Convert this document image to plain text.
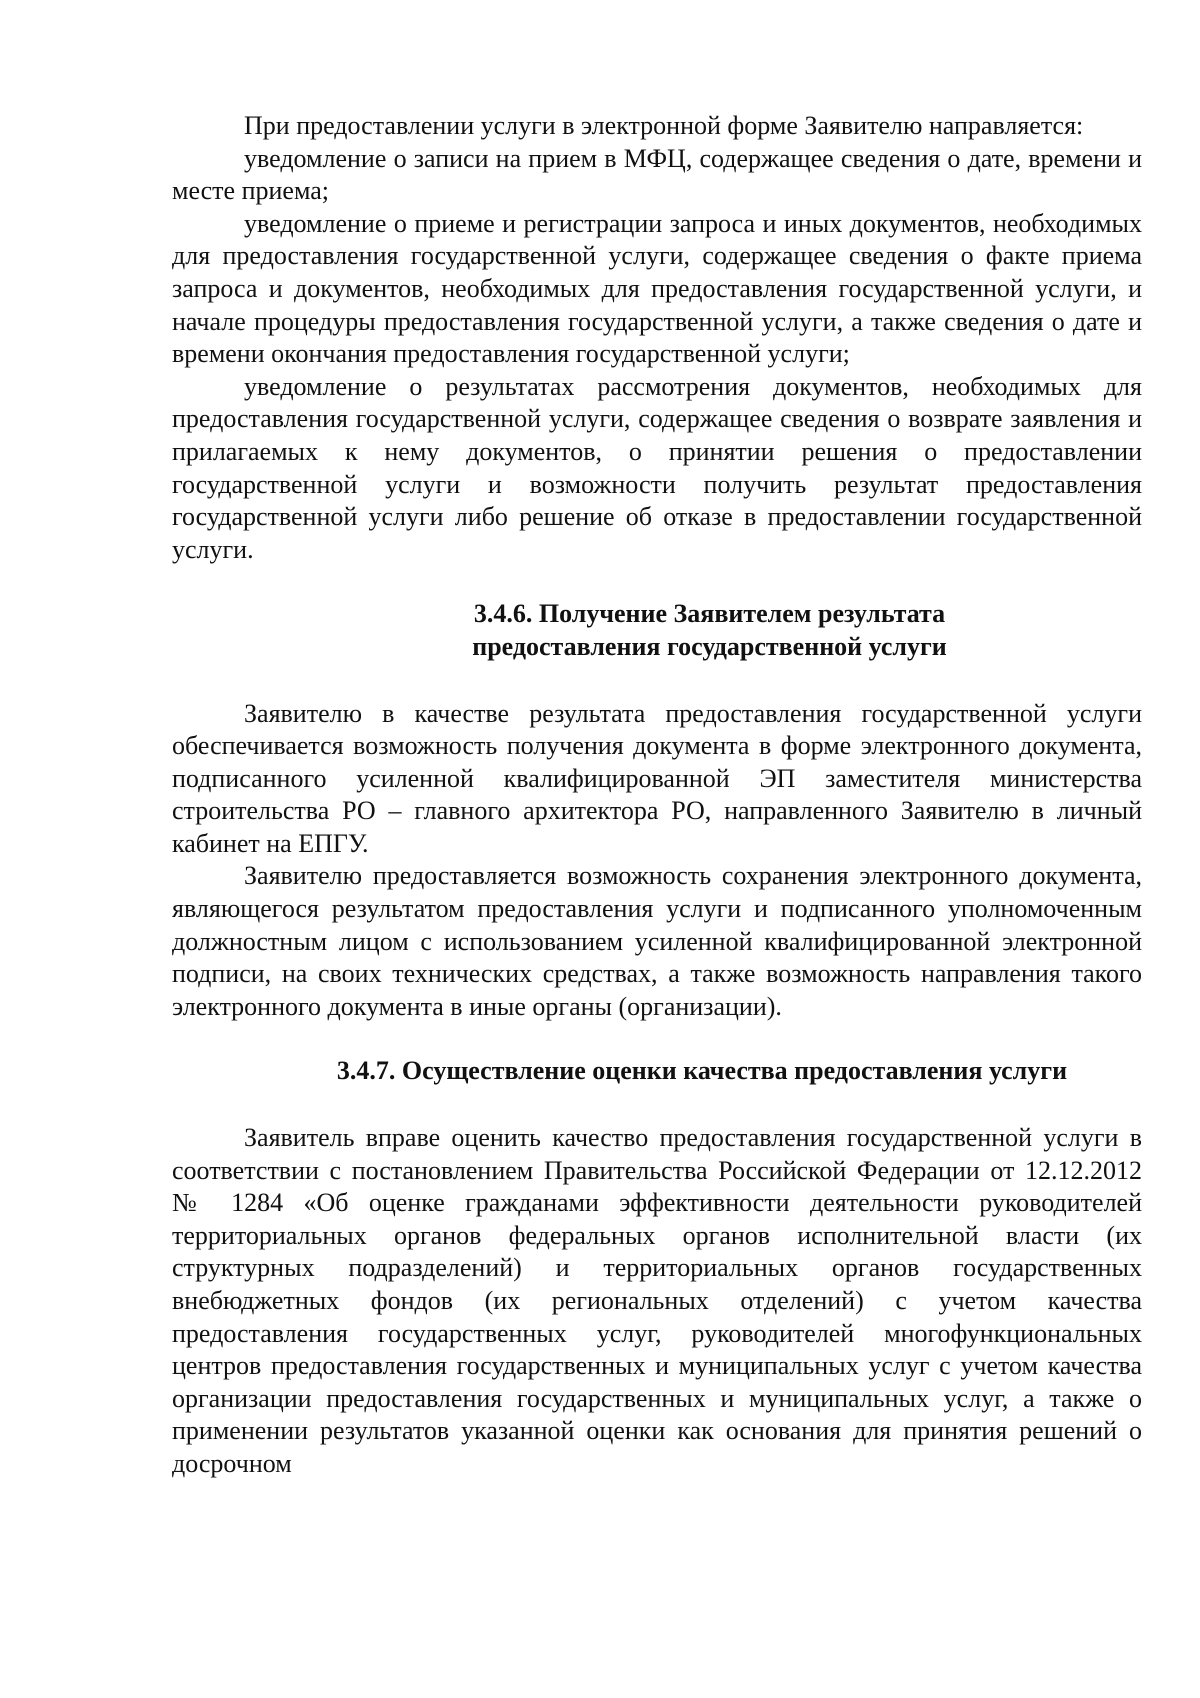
При предоставлении услуги в электронной форме Заявителю направляется:

уведомление о записи на прием в МФЦ, содержащее сведения о дате, времени и месте приема;

уведомление о приеме и регистрации запроса и иных документов, необходимых для предоставления государственной услуги, содержащее сведения о факте приема запроса и документов, необходимых для предоставления государственной услуги, и начале процедуры предоставления государственной услуги, а также сведения о дате и времени окончания предоставления государственной услуги;

уведомление о результатах рассмотрения документов, необходимых для предоставления государственной услуги, содержащее сведения о возврате заявления и прилагаемых к нему документов, о принятии решения о предоставлении государственной услуги и возможности получить результат предоставления государственной услуги либо решение об отказе в предоставлении государственной услуги.

3.4.6. Получение Заявителем результата
предоставления государственной услуги

Заявителю в качестве результата предоставления государственной услуги обеспечивается возможность получения документа в форме электронного документа, подписанного усиленной квалифицированной ЭП заместителя министерства строительства РО – главного архитектора РО, направленного Заявителю в личный кабинет на ЕПГУ.

Заявителю предоставляется возможность сохранения электронного документа, являющегося результатом предоставления услуги и подписанного уполномоченным должностным лицом с использованием усиленной квалифицированной электронной подписи, на своих технических средствах, а также возможность направления такого электронного документа в иные органы (организации).

3.4.7. Осуществление оценки качества предоставления услуги

Заявитель вправе оценить качество предоставления государственной услуги в соответствии с постановлением Правительства Российской Федерации от 12.12.2012 № 1284 «Об оценке гражданами эффективности деятельности руководителей территориальных органов федеральных органов исполнительной власти (их структурных подразделений) и территориальных органов государственных внебюджетных фондов (их региональных отделений) с учетом качества предоставления государственных услуг, руководителей многофункциональных центров предоставления государственных и муниципальных услуг с учетом качества организации предоставления государственных и муниципальных услуг, а также о применении результатов указанной оценки как основания для принятия решений о досрочном
